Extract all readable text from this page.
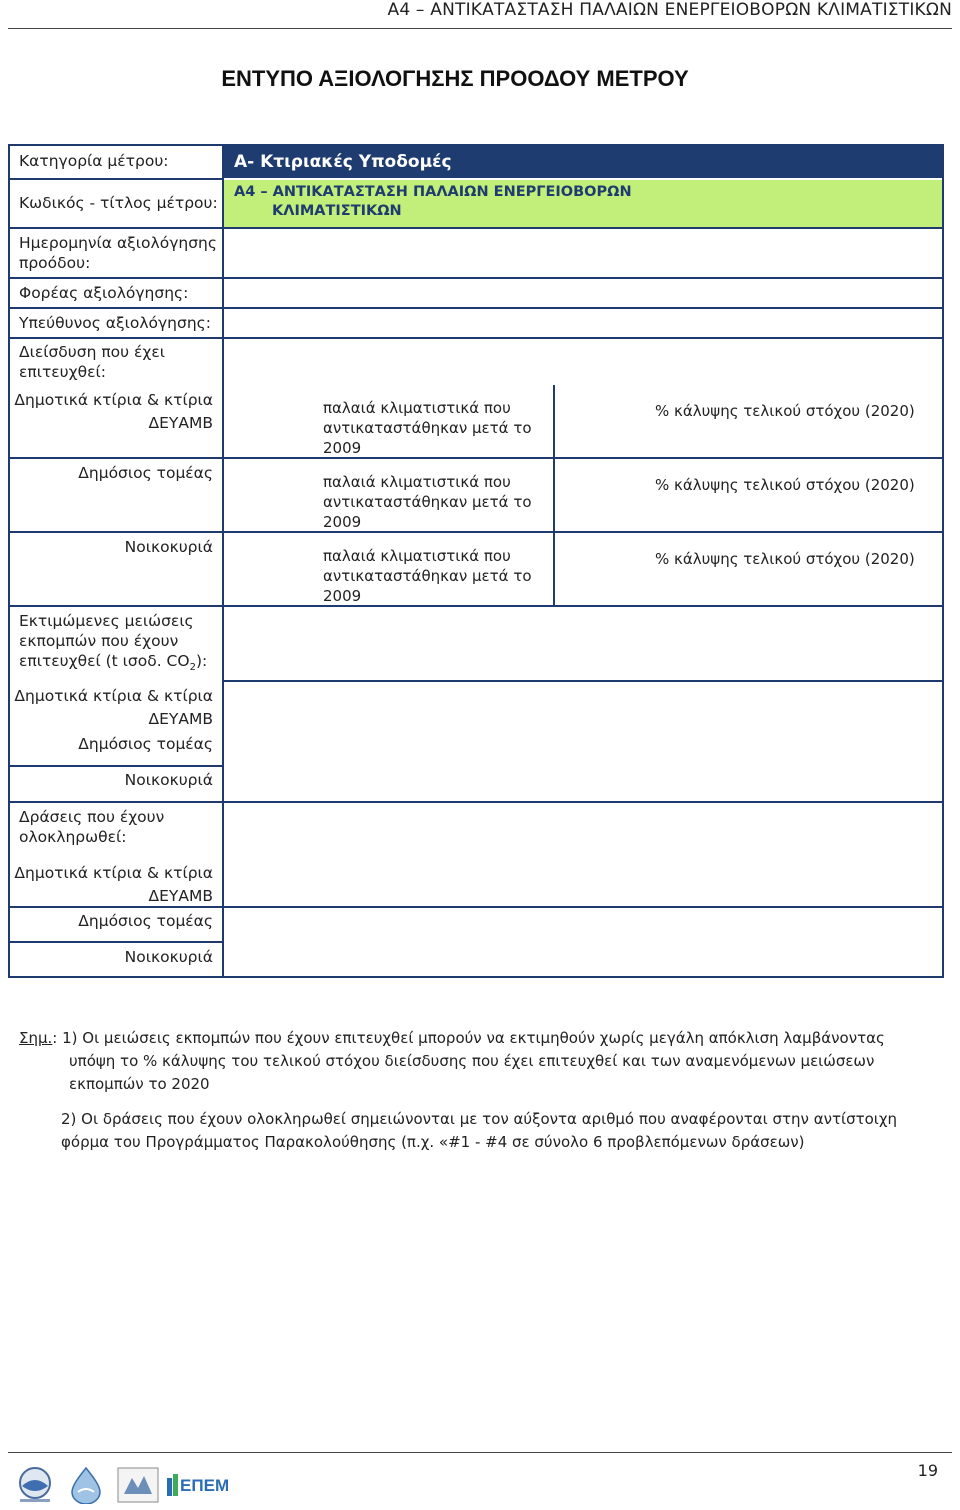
A4 – ΑΝΤΙΚΑΤΑΣΤΑΣΗ ΠΑΛΑΙΩΝ ΕΝΕΡΓΕΙΟΒΟΡΩΝ ΚΛΙΜΑΤΙΣΤΙΚΩΝ
ΕΝΤΥΠΟ ΑΞΙΟΛΟΓΗΣΗΣ ΠΡΟΟΔΟΥ ΜΕΤΡΟΥ
Α- Κτιριακές Υποδομές
A4 – ΑΝΤΙΚΑΤΑΣΤΑΣΗ ΠΑΛΑΙΩΝ ΕΝΕΡΓΕΙΟΒΟΡΩΝ
ΚΛΙΜΑΤΙΣΤΙΚΩΝ
Κατηγορία μέτρου:
Κωδικός - τίτλος μέτρου:
Ημερομηνία αξιολόγησης
προόδου:
Φορέας αξιολόγησης:
Υπεύθυνος αξιολόγησης:
Διείσδυση που έχει
επιτευχθεί:
Δημοτικά κτίρια & κτίρια
ΔΕΥΑΜΒ
Δημόσιος τομέας
Νοικοκυριά
παλαιά κλιματιστικά που
αντικαταστάθηκαν μετά το
2009
% κάλυψης τελικού στόχου (2020)
παλαιά κλιματιστικά που
αντικαταστάθηκαν μετά το
2009
% κάλυψης τελικού στόχου (2020)
παλαιά κλιματιστικά που
αντικαταστάθηκαν μετά το
2009
% κάλυψης τελικού στόχου (2020)
Εκτιμώμενες μειώσεις
εκπομπών που έχουν
επιτευχθεί (t ισοδ. $CO_2$):
Δημοτικά κτίρια & κτίρια
ΔΕΥΑΜΒ
Δημόσιος τομέας
Νοικοκυριά
Δράσεις που έχουν
ολοκληρωθεί:
Δημοτικά κτίρια & κτίρια
ΔΕΥΑΜΒ
Δημόσιος τομέας
Νοικοκυριά
Σημ.: 1) Οι μειώσεις εκπομπών που έχουν επιτευχθεί μπορούν να εκτιμηθούν χωρίς μεγάλη απόκλιση λαμβάνοντας
υπόψη το % κάλυψης του τελικού στόχου διείσδυσης που έχει επιτευχθεί και των αναμενόμενων μειώσεων
εκπομπών το 2020
2) Οι δράσεις που έχουν ολοκληρωθεί σημειώνονται με τον αύξοντα αριθμό που αναφέρονται στην αντίστοιχη
φόρμα του Προγράμματος Παρακολούθησης (π.χ. «#1 - #4 σε σύνολο 6 προβλεπόμενων δράσεων)
ΕΠΕΜ
19
